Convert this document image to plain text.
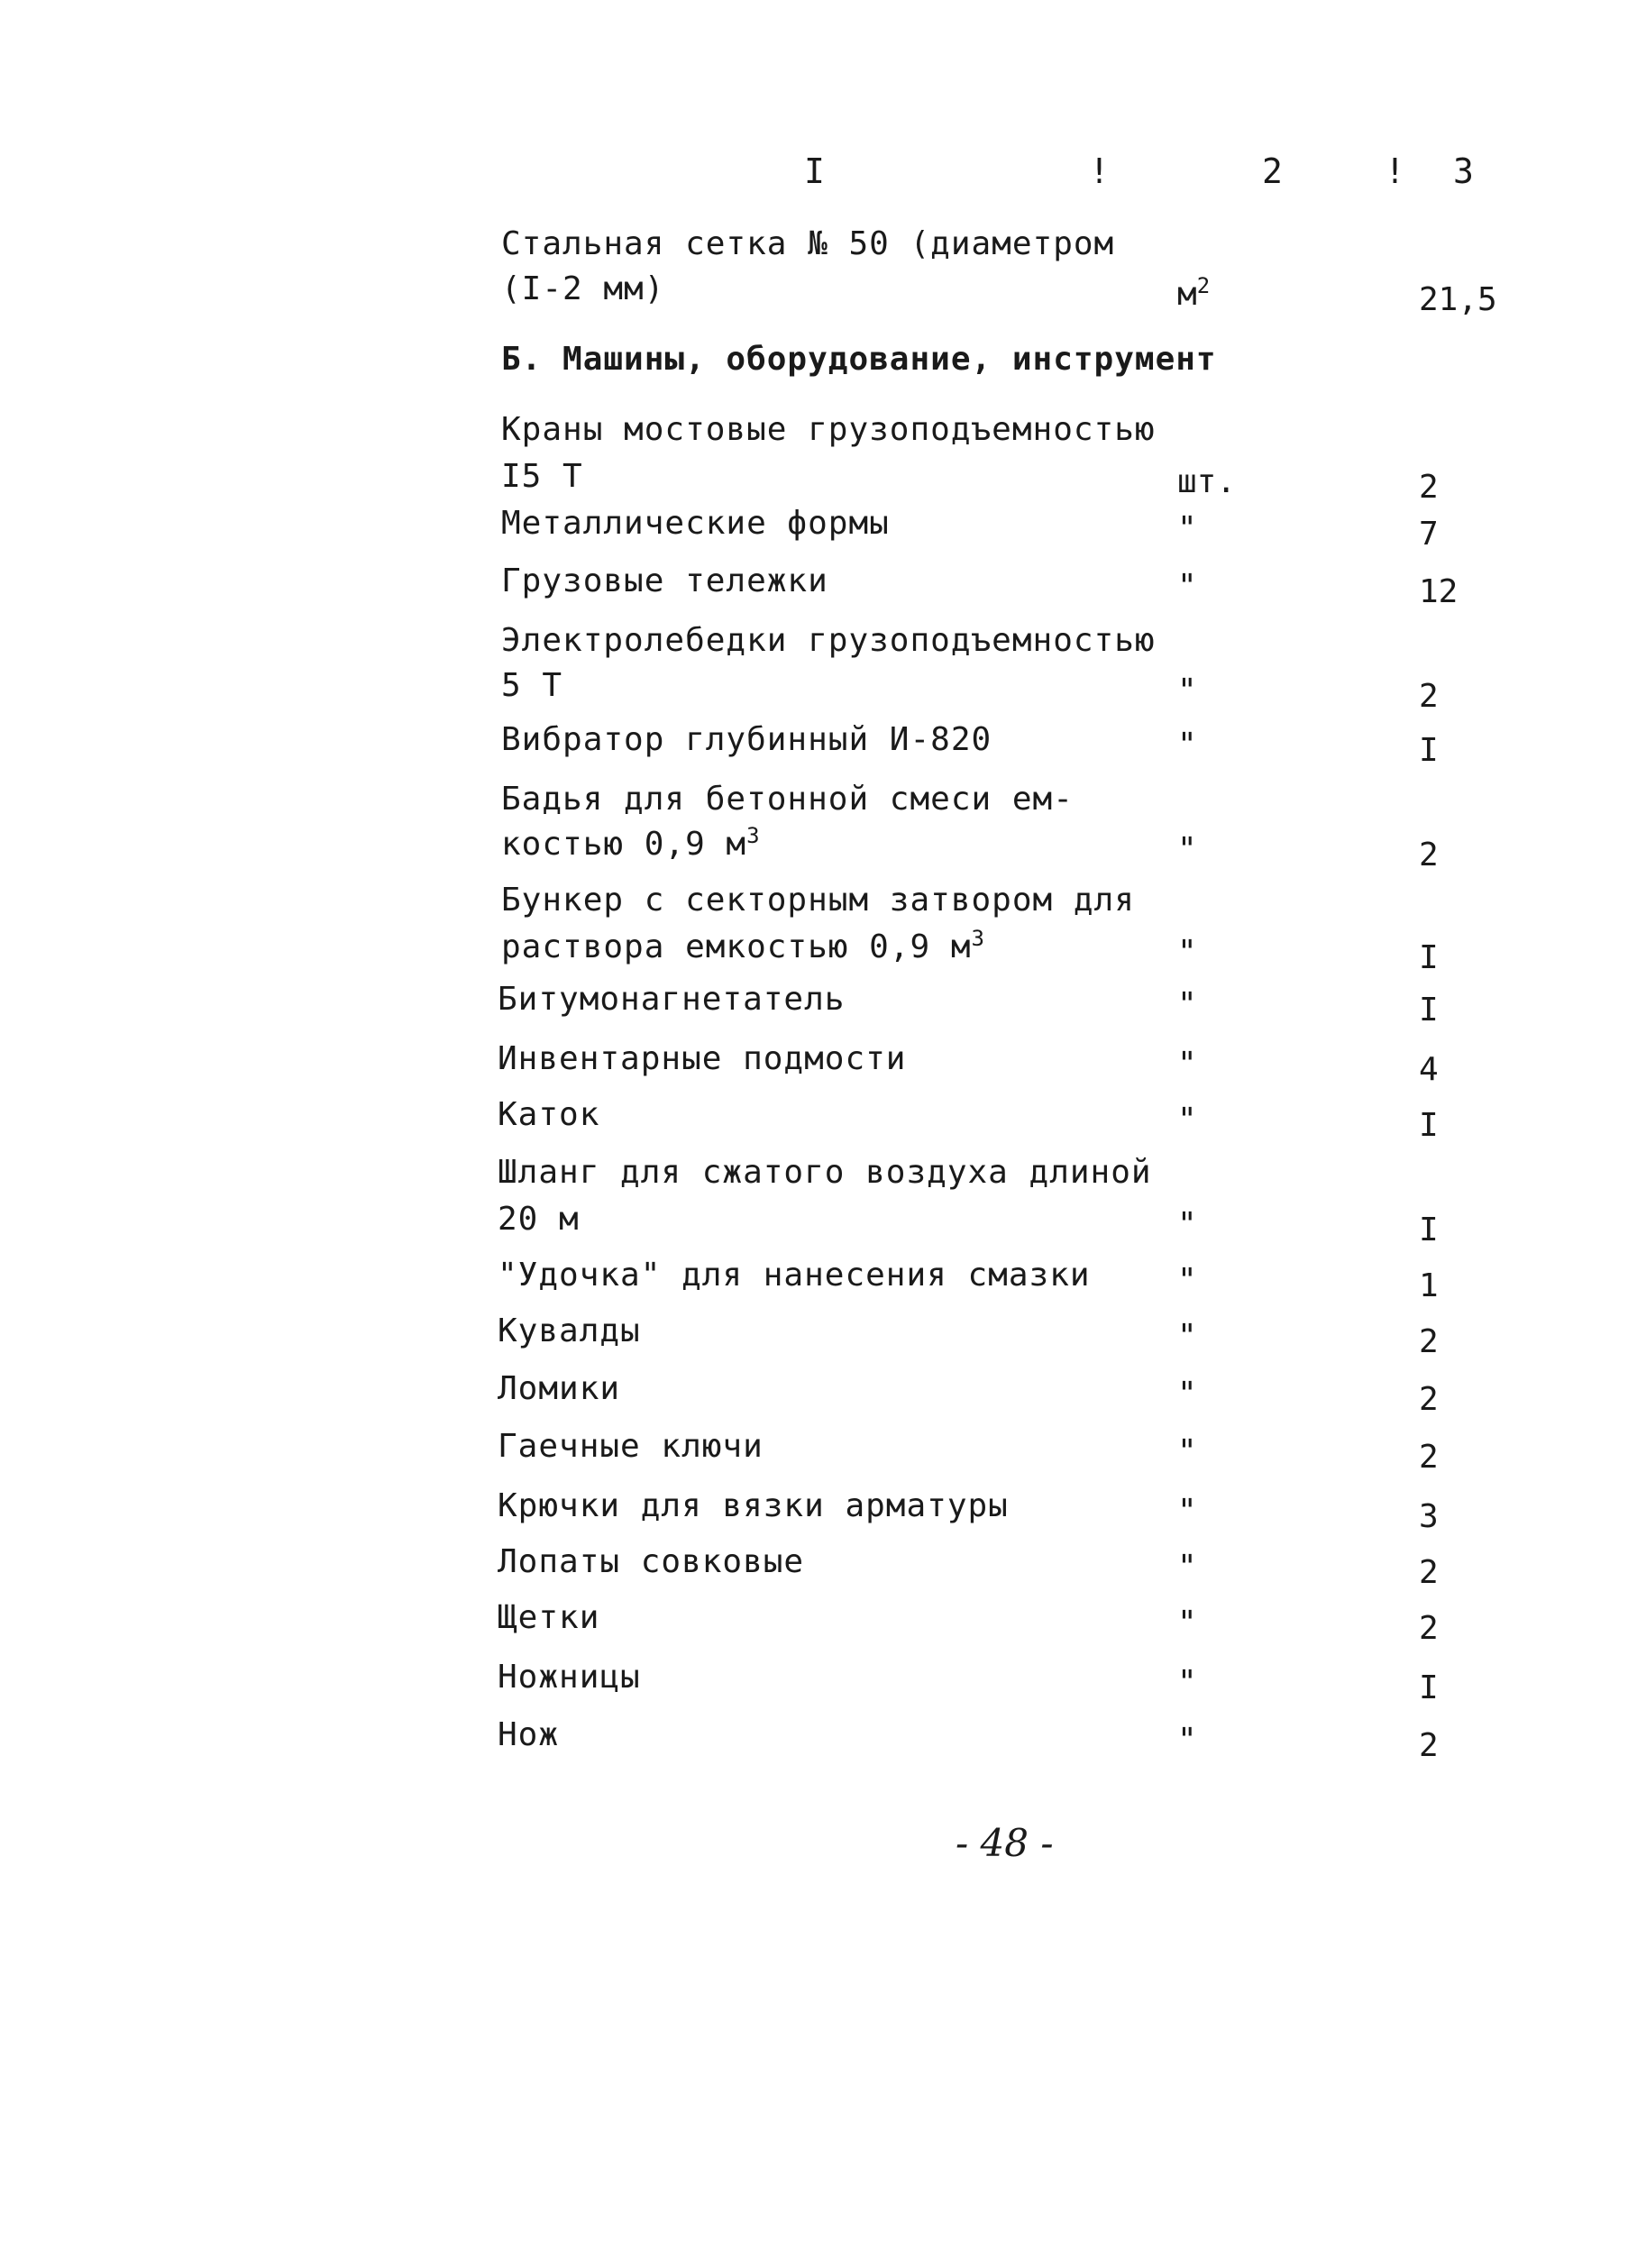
I	!	2	! 3
Стальная сетка № 50 (диаметром
(I-2 мм)	$м^2$	21,5
Б. Машины, оборудование, инструмент
Краны мостовые грузоподъемностью
I5 Т	шт.	2
Металлические формы	"	7
Грузовые тележки	"	12
Электролебедки грузоподъемностью
5 Т	"	2
Вибратор глубинный И-820	"	I
Бадья для бетонной смеси ем-
костью 0,9 $м^3$	"	2
Бункер с секторным затвором для
раствора емкостью 0,9 $м^3$	"	I
Битумонагнетатель	"	I
Инвентарные подмости	"	4
Каток	"	I
Шланг для сжатого воздуха длиной
20 м	"	I
"Удочка" для нанесения смазки	"	1
Кувалды	"	2
Ломики	"	2
Гаечные ключи	"	2
Крючки для вязки арматуры	"	3
Лопаты совковые	"	2
Щетки	"	2
Ножницы	"	I
Нож	"	2
- 48 -
